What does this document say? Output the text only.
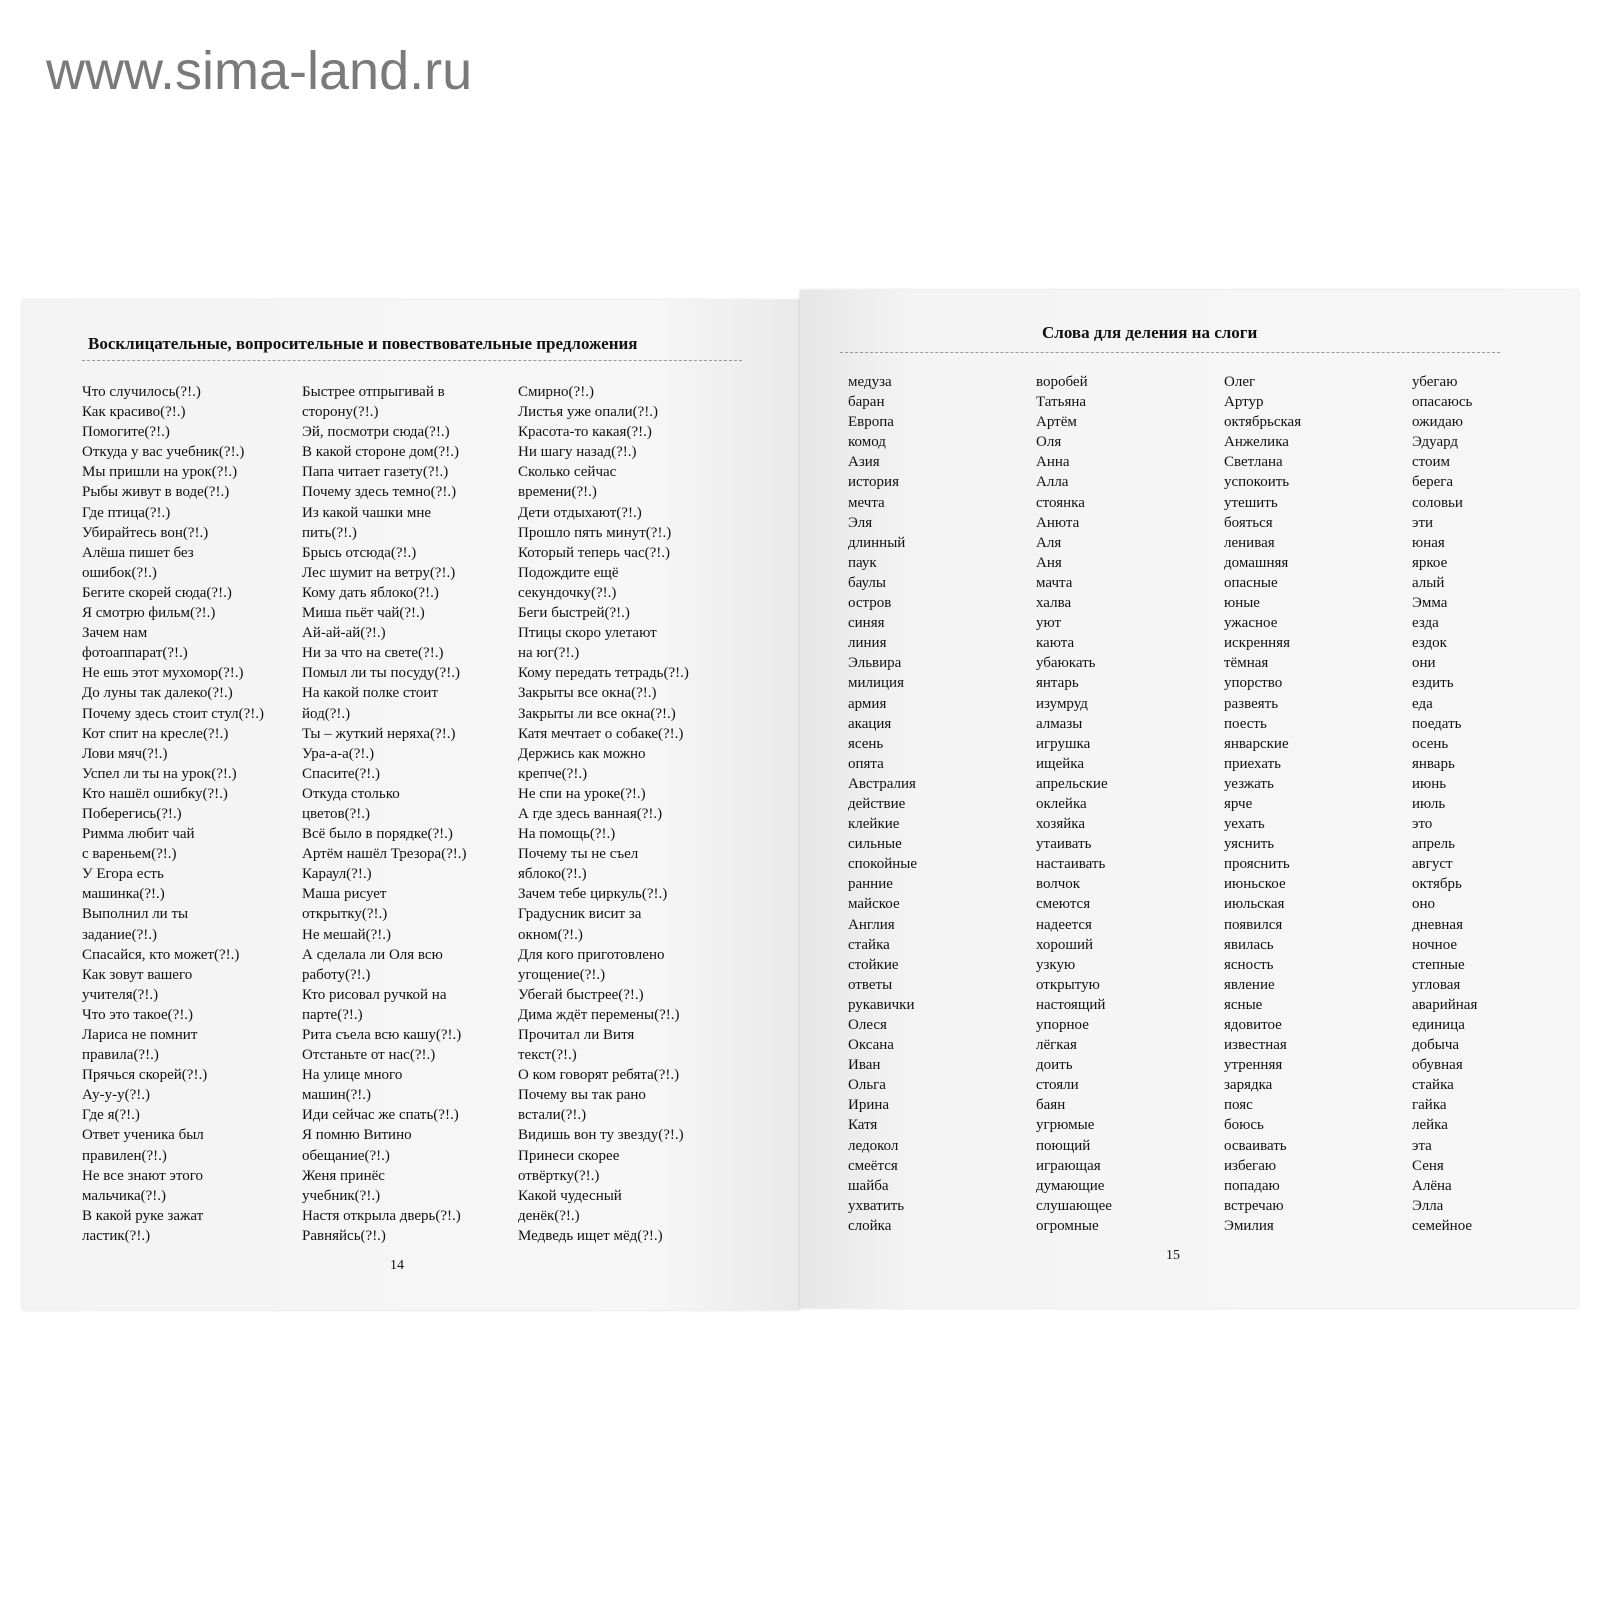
www.sima-land.ru
Восклицательные, вопросительные и повествовательные предложения
Что случилось(?!.)
Как красиво(?!.)
Помогите(?!.)
Откуда у вас учебник(?!.)
Мы пришли на урок(?!.)
Рыбы живут в воде(?!.)
Где птица(?!.)
Убирайтесь вон(?!.)
Алёша пишет без
ошибок(?!.)
Бегите скорей сюда(?!.)
Я смотрю фильм(?!.)
Зачем нам
фотоаппарат(?!.)
Не ешь этот мухомор(?!.)
До луны так далеко(?!.)
Почему здесь стоит стул(?!.)
Кот спит на кресле(?!.)
Лови мяч(?!.)
Успел ли ты на урок(?!.)
Кто нашёл ошибку(?!.)
Поберегись(?!.)
Римма любит чай
с вареньем(?!.)
У Егора есть
машинка(?!.)
Выполнил ли ты
задание(?!.)
Спасайся, кто может(?!.)
Как зовут вашего
учителя(?!.)
Что это такое(?!.)
Лариса не помнит
правила(?!.)
Прячься скорей(?!.)
Ау-у-у(?!.)
Где я(?!.)
Ответ ученика был
правилен(?!.)
Не все знают этого
мальчика(?!.)
В какой руке зажат
ластик(?!.)
Быстрее отпрыгивай в
сторону(?!.)
Эй, посмотри сюда(?!.)
В какой стороне дом(?!.)
Папа читает газету(?!.)
Почему здесь темно(?!.)
Из какой чашки мне
пить(?!.)
Брысь отсюда(?!.)
Лес шумит на ветру(?!.)
Кому дать яблоко(?!.)
Миша пьёт чай(?!.)
Ай-ай-ай(?!.)
Ни за что на свете(?!.)
Помыл ли ты посуду(?!.)
На какой полке стоит
йод(?!.)
Ты – жуткий неряха(?!.)
Ура-а-а(?!.)
Спасите(?!.)
Откуда столько
цветов(?!.)
Всё было в порядке(?!.)
Артём нашёл Трезора(?!.)
Караул(?!.)
Маша рисует
открытку(?!.)
Не мешай(?!.)
А сделала ли Оля всю
работу(?!.)
Кто рисовал ручкой на
парте(?!.)
Рита съела всю кашу(?!.)
Отстаньте от нас(?!.)
На улице много
машин(?!.)
Иди сейчас же спать(?!.)
Я помню Витино
обещание(?!.)
Женя принёс
учебник(?!.)
Настя открыла дверь(?!.)
Равняйсь(?!.)
Смирно(?!.)
Листья уже опали(?!.)
Красота-то какая(?!.)
Ни шагу назад(?!.)
Сколько сейчас
времени(?!.)
Дети отдыхают(?!.)
Прошло пять минут(?!.)
Который теперь час(?!.)
Подождите ещё
секундочку(?!.)
Беги быстрей(?!.)
Птицы скоро улетают
на юг(?!.)
Кому передать тетрадь(?!.)
Закрыты все окна(?!.)
Закрыты ли все окна(?!.)
Катя мечтает о собаке(?!.)
Держись как можно
крепче(?!.)
Не спи на уроке(?!.)
А где здесь ванная(?!.)
На помощь(?!.)
Почему ты не съел
яблоко(?!.)
Зачем тебе циркуль(?!.)
Градусник висит за
окном(?!.)
Для кого приготовлено
угощение(?!.)
Убегай быстрее(?!.)
Дима ждёт перемены(?!.)
Прочитал ли Витя
текст(?!.)
О ком говорят ребята(?!.)
Почему вы так рано
встали(?!.)
Видишь вон ту звезду(?!.)
Принеси скорее
отвёртку(?!.)
Какой чудесный
денёк(?!.)
Медведь ищет мёд(?!.)
14
Слова для деления на слоги
медуза
баран
Европа
комод
Азия
история
мечта
Эля
длинный
паук
баулы
остров
синяя
линия
Эльвира
милиция
армия
акация
ясень
опята
Австралия
действие
клейкие
сильные
спокойные
ранние
майское
Англия
стайка
стойкие
ответы
рукавички
Олеся
Оксана
Иван
Ольга
Ирина
Катя
ледокол
смеётся
шайба
ухватить
слойка
воробей
Татьяна
Артём
Оля
Анна
Алла
стоянка
Анюта
Аля
Аня
мачта
халва
уют
каюта
убаюкать
янтарь
изумруд
алмазы
игрушка
ищейка
апрельские
оклейка
хозяйка
утаивать
настаивать
волчок
смеются
надеется
хороший
узкую
открытую
настоящий
упорное
лёгкая
доить
стояли
баян
угрюмые
поющий
играющая
думающие
слушающее
огромные
Олег
Артур
октябрьская
Анжелика
Светлана
успокоить
утешить
бояться
ленивая
домашняя
опасные
юные
ужасное
искренняя
тёмная
упорство
развеять
поесть
январские
приехать
уезжать
ярче
уехать
уяснить
прояснить
июньское
июльская
появился
явилась
ясность
явление
ясные
ядовитое
известная
утренняя
зарядка
пояс
боюсь
осваивать
избегаю
попадаю
встречаю
Эмилия
убегаю
опасаюсь
ожидаю
Эдуард
стоим
берега
соловьи
эти
юная
яркое
алый
Эмма
езда
ездок
они
ездить
еда
поедать
осень
январь
июнь
июль
это
апрель
август
октябрь
оно
дневная
ночное
степные
угловая
аварийная
единица
добыча
обувная
стайка
гайка
лейка
эта
Сеня
Алёна
Элла
семейное
15
